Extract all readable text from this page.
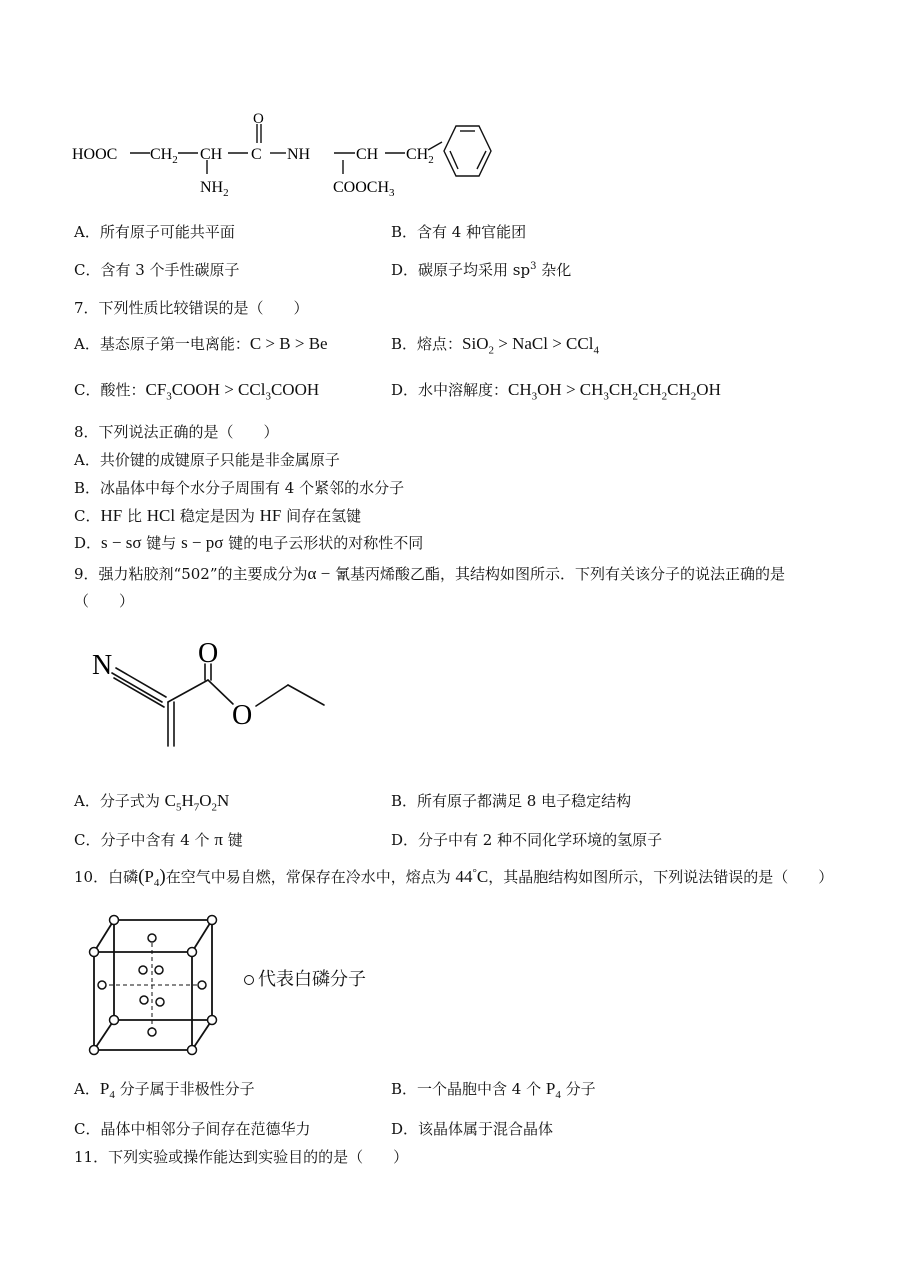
HOOC $CH_2$ CH C
O
NH	CH $CH_2$
$NH_2$	$COOCH_3$
A．所有原子可能共平面	B．含有 4 种官能团
C．含有 3 个手性碳原子	D．碳原子均采用 $sp^3$ 杂化
7．下列性质比较错误的是（　　）
A．基态原子第一电离能：C > B > Be	B．熔点：SiO$_2$ > NaCl > CCl$_4$
C．酸性：$CF_3COOH$ > CCl$_3$COOH	D．水中溶解度：$CH_3OH > CH_3CH_2CH_2CH_2OH$
8．下列说法正确的是（　　）
A．共价键的成键原子只能是非金属原子
B．冰晶体中每个水分子周围有 4 个紧邻的水分子
C．HF 比 HCl 稳定是因为 HF 间存在氢键
D．s − sσ 键与 s − pσ 键的电子云形状的对称性不同
9．强力粘胶剂“502”的主要成分为α − 氰基丙烯酸乙酯，其结构如图所示．下列有关该分子的说法正确的是
（　　）
N	O
O
A．分子式为 $C_5H_7O_2N$	B．所有原子都满足 8 电子稳定结构
C．分子中含有 4 个 π 键	D．分子中有 2 种不同化学环境的氢原子
10．白磷$(P_4)$在空气中易自燃，常保存在冷水中，熔点为 44°C，其晶胞结构如图所示，下列说法错误的是（　　）
代表白磷分子
A．$P_4$ 分子属于非极性分子	B．一个晶胞中含 4 个 $P_4$ 分子
C．晶体中相邻分子间存在范德华力	D．该晶体属于混合晶体
11．下列实验或操作能达到实验目的的是（　　）
